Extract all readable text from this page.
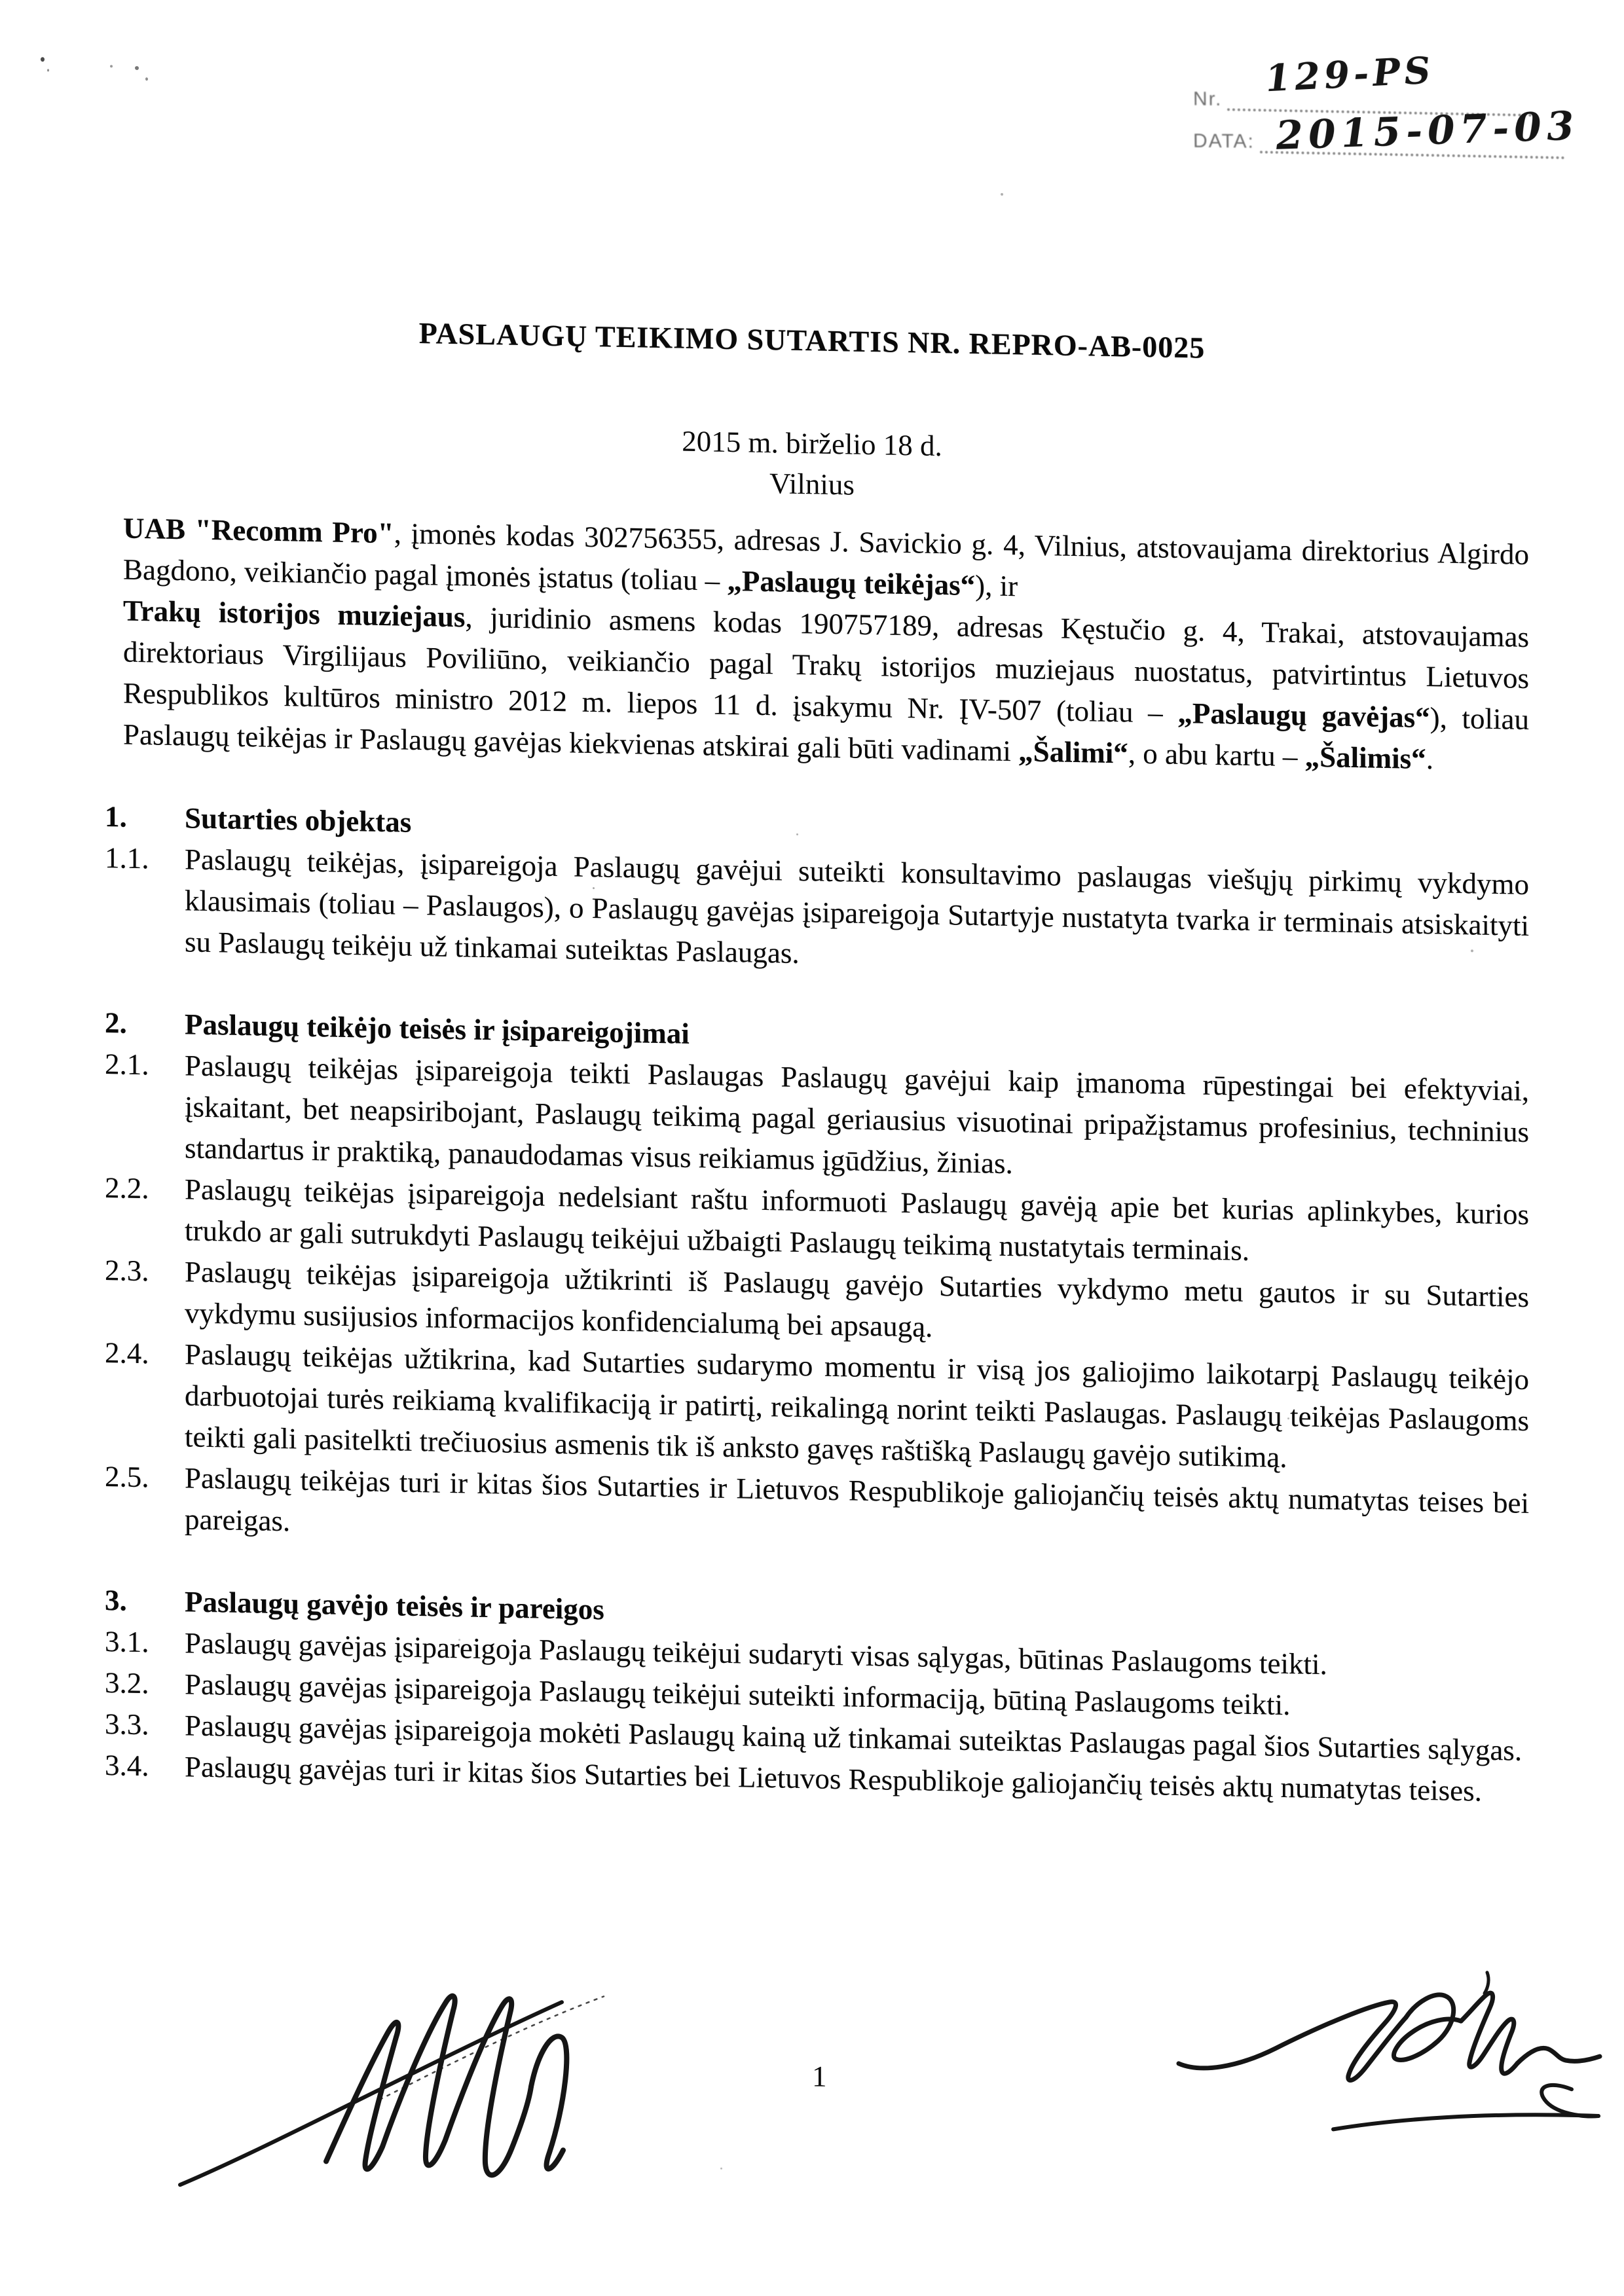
Nr. 129-PS
DATA: 2015-07-03
PASLAUGŲ TEIKIMO SUTARTIS NR. REPRO-AB-0025
2015 m. birželio 18 d.
Vilnius

UAB "Recomm Pro", įmonės kodas 302756355, adresas J. Savickio g. 4, Vilnius, atstovaujama direktorius Algirdo Bagdono, veikiančio pagal įmonės įstatus (toliau – „Paslaugų teikėjas“), ir

Trakų istorijos muziejaus, juridinio asmens kodas 190757189, adresas Kęstučio g. 4, Trakai, atstovaujamas direktoriaus Virgilijaus Poviliūno, veikiančio pagal Trakų istorijos muziejaus nuostatus, patvirtintus Lietuvos Respublikos kultūros ministro 2012 m. liepos 11 d. įsakymu Nr. ĮV-507 (toliau – „Paslaugų gavėjas“), toliau Paslaugų teikėjas ir Paslaugų gavėjas kiekvienas atskirai gali būti vadinami „Šalimi“, o abu kartu – „Šalimis“.

1.	Sutarties objektas
1.1.	Paslaugų teikėjas, įsipareigoja Paslaugų gavėjui suteikti konsultavimo paslaugas viešųjų pirkimų vykdymo klausimais (toliau – Paslaugos), o Paslaugų gavėjas įsipareigoja Sutartyje nustatyta tvarka ir terminais atsiskaityti su Paslaugų teikėju už tinkamai suteiktas Paslaugas.
2.	Paslaugų teikėjo teisės ir įsipareigojimai
2.1.	Paslaugų teikėjas įsipareigoja teikti Paslaugas Paslaugų gavėjui kaip įmanoma rūpestingai bei efektyviai, įskaitant, bet neapsiribojant, Paslaugų teikimą pagal geriausius visuotinai pripažįstamus profesinius, techninius standartus ir praktiką, panaudodamas visus reikiamus įgūdžius, žinias.
2.2.	Paslaugų teikėjas įsipareigoja nedelsiant raštu informuoti Paslaugų gavėją apie bet kurias aplinkybes, kurios trukdo ar gali sutrukdyti Paslaugų teikėjui užbaigti Paslaugų teikimą nustatytais terminais.
2.3.	Paslaugų teikėjas įsipareigoja užtikrinti iš Paslaugų gavėjo Sutarties vykdymo metu gautos ir su Sutarties vykdymu susijusios informacijos konfidencialumą bei apsaugą.
2.4.	Paslaugų teikėjas užtikrina, kad Sutarties sudarymo momentu ir visą jos galiojimo laikotarpį Paslaugų teikėjo darbuotojai turės reikiamą kvalifikaciją ir patirtį, reikalingą norint teikti Paslaugas. Paslaugų teikėjas Paslaugoms teikti gali pasitelkti trečiuosius asmenis tik iš anksto gavęs raštišką Paslaugų gavėjo sutikimą.
2.5.	Paslaugų teikėjas turi ir kitas šios Sutarties ir Lietuvos Respublikoje galiojančių teisės aktų numatytas teises bei pareigas.
3.	Paslaugų gavėjo teisės ir pareigos
3.1.	Paslaugų gavėjas įsipareigoja Paslaugų teikėjui sudaryti visas sąlygas, būtinas Paslaugoms teikti.
3.2.	Paslaugų gavėjas įsipareigoja Paslaugų teikėjui suteikti informaciją, būtiną Paslaugoms teikti.
3.3.	Paslaugų gavėjas įsipareigoja mokėti Paslaugų kainą už tinkamai suteiktas Paslaugas pagal šios Sutarties sąlygas.
3.4.	Paslaugų gavėjas turi ir kitas šios Sutarties bei Lietuvos Respublikoje galiojančių teisės aktų numatytas teises.
1
